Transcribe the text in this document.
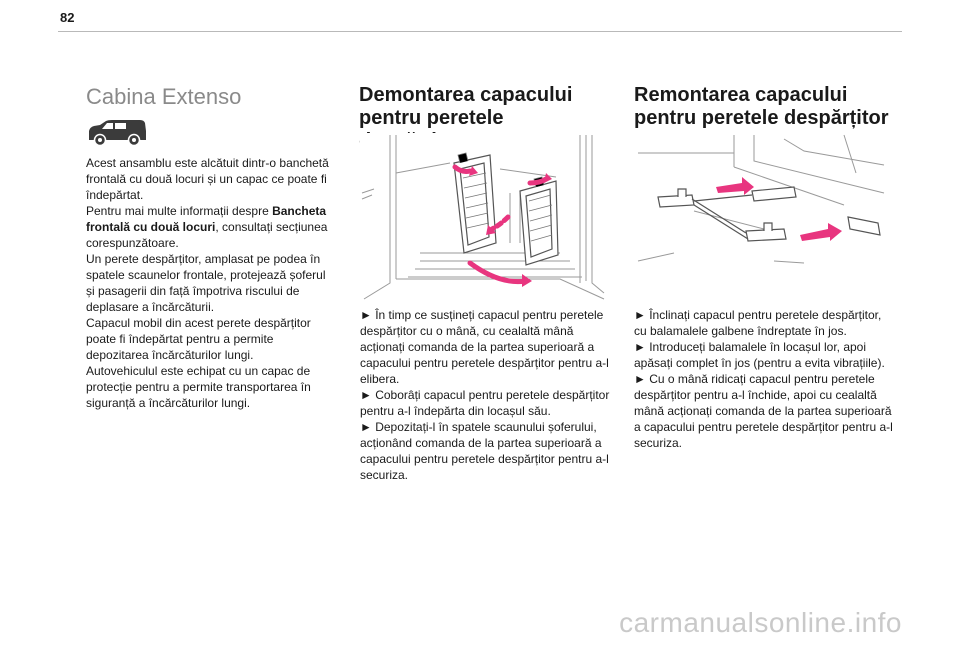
82
Cabina Extenso

Acest ansamblu este alcătuit dintr-o banchetă frontală cu două locuri și un capac ce poate fi îndepărtat.

Pentru mai multe informații despre Bancheta frontală cu două locuri, consultați secțiunea corespunzătoare.

Un perete despărțitor, amplasat pe podea în spatele scaunelor frontale, protejează șoferul și pasagerii din față împotriva riscului de deplasare a încărcăturii.

Capacul mobil din acest perete despărțitor poate fi îndepărtat pentru a permite depozitarea încărcăturilor lungi.

Autovehiculul este echipat cu un capac de protecție pentru a permite transportarea în siguranță a încărcăturilor lungi.

Demontarea capacului pentru peretele despărțitor

► În timp ce susțineți capacul pentru peretele despărțitor cu o mână, cu cealaltă mână acționați comanda de la partea superioară a capacului pentru peretele despărțitor pentru a-l elibera.

► Coborâți capacul pentru peretele despărțitor pentru a-l îndepărta din locașul său.

► Depozitați-l în spatele scaunului șoferului, acționând comanda de la partea superioară a capacului pentru peretele despărțitor pentru a-l securiza.

Remontarea capacului pentru peretele despărțitor

► Înclinați capacul pentru peretele despărțitor, cu balamalele galbene îndreptate în jos.

► Introduceți balamalele în locașul lor, apoi apăsați complet în jos (pentru a evita vibrațiile).

► Cu o mână ridicați capacul pentru peretele despărțitor pentru a-l închide, apoi cu cealaltă mână acționați comanda de la partea superioară a capacului pentru peretele despărțitor pentru a-l securiza.

carmanualsonline.info
